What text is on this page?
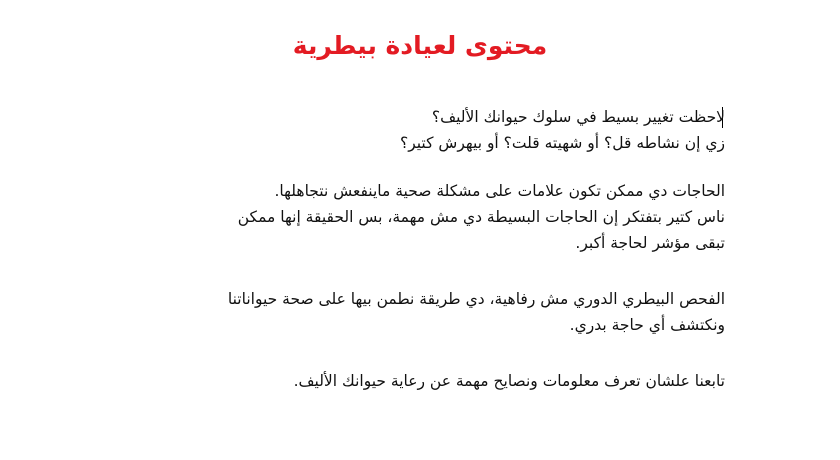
محتوى لعيادة بيطرية

لاحظت تغيير بسيط في سلوك حيوانك الأليف؟
زي إن نشاطه قل؟ أو شهيته قلت؟ أو بيهرش كتير؟

الحاجات دي ممكن تكون علامات على مشكلة صحية ماينفعش نتجاهلها.
ناس كتير بتفتكر إن الحاجات البسيطة دي مش مهمة، بس الحقيقة إنها ممكن تبقى مؤشر لحاجة أكبر.

الفحص البيطري الدوري مش رفاهية، دي طريقة نطمن بيها على صحة حيواناتنا ونكتشف أي حاجة بدري.

تابعنا علشان تعرف معلومات ونصايح مهمة عن رعاية حيوانك الأليف.
